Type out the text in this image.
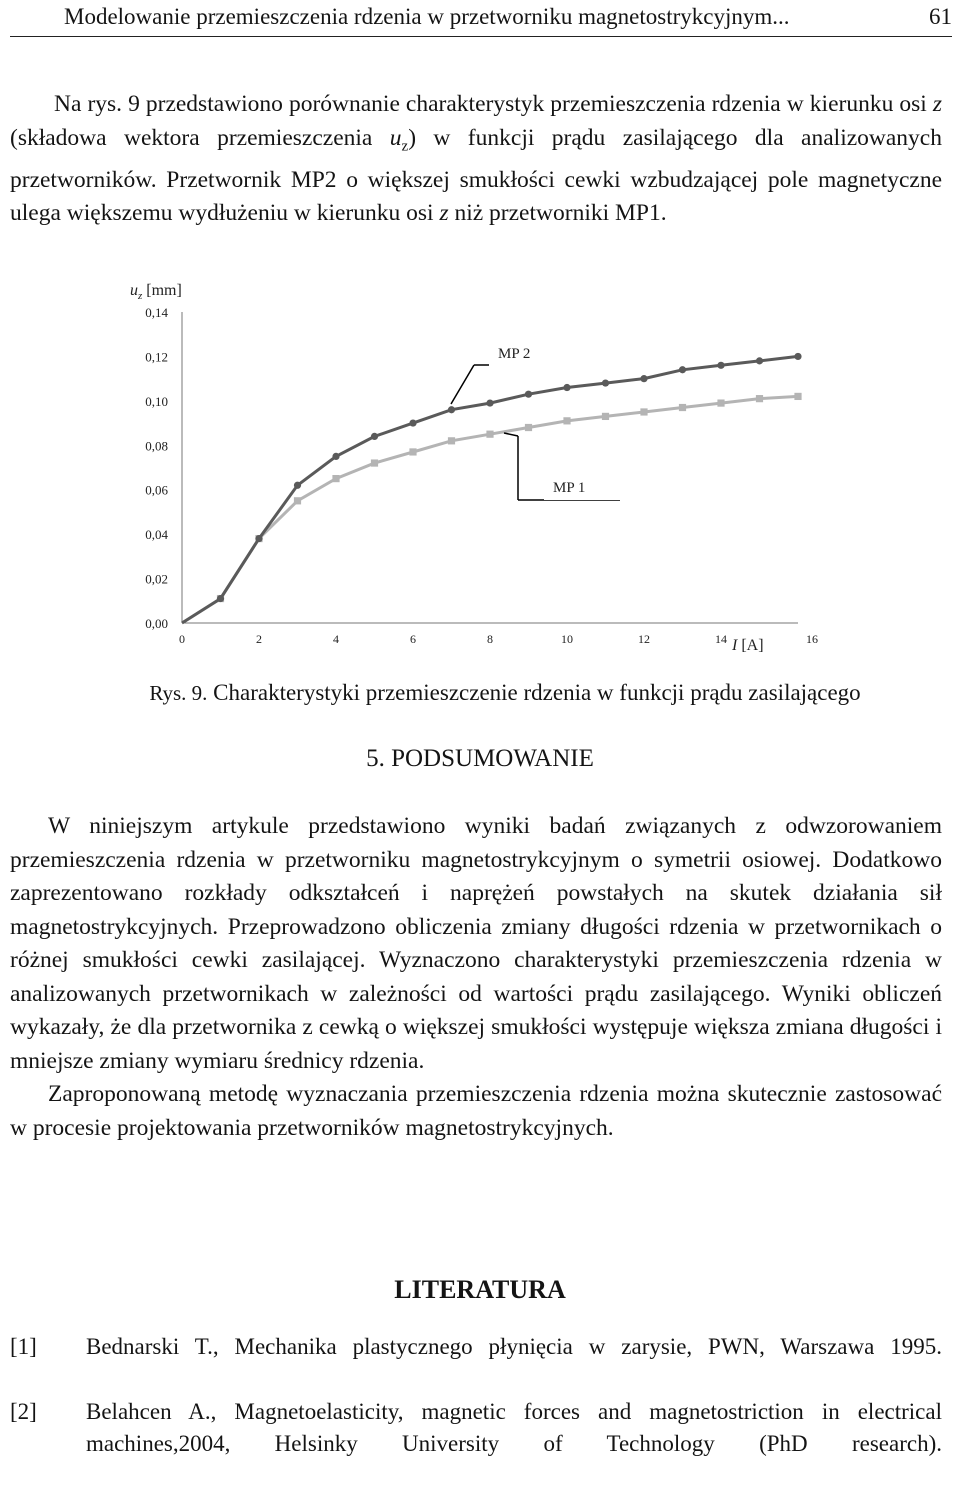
Modelowanie przemieszczenia rdzenia w przetworniku magnetostrykcyjnym...	61

Na rys. 9 przedstawiono porównanie charakterystyk przemieszczenia rdzenia w kierunku osi z (składowa wektora przemieszczenia $u_z$) w funkcji prądu zasilającego dla analizowanych przetworników. Przetwornik MP2 o większej smukłości cewki wzbudzającej pole magnetyczne ulega większemu wydłużeniu w kierunku osi z niż przetworniki MP1.

$u_z$ [mm]
0,00
0,02
0,04
0,06
0,08
0,10
0,12
0,14
0	2	4	6	8	10	12	14	16
I [A]
MP 2
MP 1
Rys. 9. Charakterystyki przemieszczenie rdzenia w funkcji prądu zasilającego
5. PODSUMOWANIE

W niniejszym artykule przedstawiono wyniki badań związanych z odwzorowaniem przemieszczenia rdzenia w przetworniku magnetostrykcyjnym o symetrii osiowej. Dodatkowo zaprezentowano rozkłady odkształceń i naprężeń powstałych na skutek działania sił magnetostrykcyjnych. Przeprowadzono obliczenia zmiany długości rdzenia w przetwornikach o różnej smukłości cewki zasilającej. Wyznaczono charakterystyki przemieszczenia rdzenia w analizowanych przetwornikach w zależności od wartości prądu zasilającego. Wyniki obliczeń wykazały, że dla przetwornika z cewką o większej smukłości występuje większa zmiana długości i mniejsze zmiany wymiaru średnicy rdzenia.

Zaproponowaną metodę wyznaczania przemieszczenia rdzenia można skutecznie zastosować w procesie projektowania przetworników magnetostrykcyjnych.

LITERATURA
[1]	Bednarski T., Mechanika plastycznego płynięcia w zarysie, PWN, Warszawa 1995.
[2]	Belahcen A., Magnetoelasticity, magnetic forces and magnetostriction in electrical machines,2004, Helsinky University of Technology (PhD research).
